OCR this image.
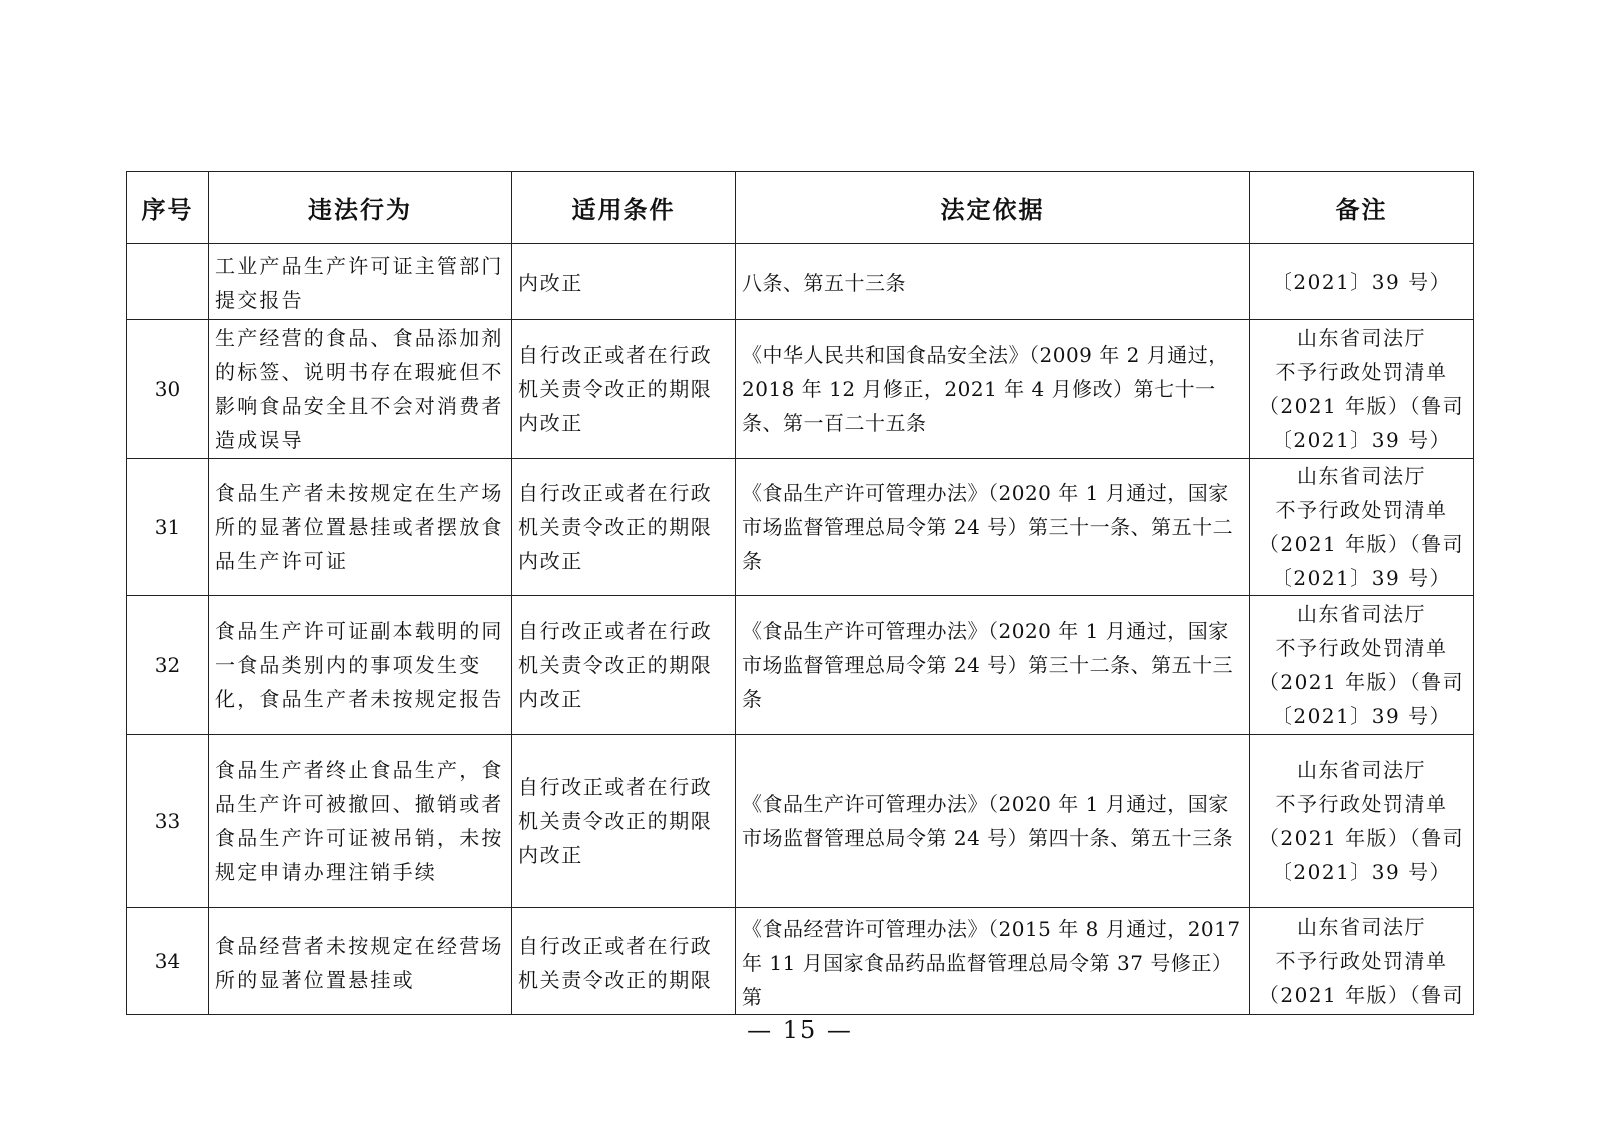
序号	违法行为	适用条件	法定依据	备注
	工业产品生产许可证主管部门提交报告	内改正	八条、第五十三条	〔2021〕39 号）
30	生产经营的食品、食品添加剂的标签、说明书存在瑕疵但不影响食品安全且不会对消费者造成误导	自行改正或者在行政机关责令改正的期限内改正	《中华人民共和国食品安全法》（2009 年 2 月通过，2018 年 12 月修正，2021 年 4 月修改）第七十一条、第一百二十五条	山东省司法厅
不予行政处罚清单
（2021 年版）（鲁司
〔2021〕39 号）
31	食品生产者未按规定在生产场所的显著位置悬挂或者摆放食品生产许可证	自行改正或者在行政机关责令改正的期限内改正	《食品生产许可管理办法》（2020 年 1 月通过，国家市场监督管理总局令第 24 号）第三十一条、第五十二条	山东省司法厅
不予行政处罚清单
（2021 年版）（鲁司
〔2021〕39 号）
32	食品生产许可证副本载明的同一食品类别内的事项发生变化，食品生产者未按规定报告	自行改正或者在行政机关责令改正的期限内改正	《食品生产许可管理办法》（2020 年 1 月通过，国家市场监督管理总局令第 24 号）第三十二条、第五十三条	山东省司法厅
不予行政处罚清单
（2021 年版）（鲁司
〔2021〕39 号）
33	食品生产者终止食品生产，食品生产许可被撤回、撤销或者食品生产许可证被吊销，未按规定申请办理注销手续	自行改正或者在行政机关责令改正的期限内改正	《食品生产许可管理办法》（2020 年 1 月通过，国家市场监督管理总局令第 24 号）第四十条、第五十三条	山东省司法厅
不予行政处罚清单
（2021 年版）（鲁司
〔2021〕39 号）
34	食品经营者未按规定在经营场所的显著位置悬挂或	自行改正或者在行政机关责令改正的期限	《食品经营许可管理办法》（2015 年 8 月通过，2017 年 11 月国家食品药品监督管理总局令第 37 号修正）第	山东省司法厅
不予行政处罚清单
（2021 年版）（鲁司
— 15 —
